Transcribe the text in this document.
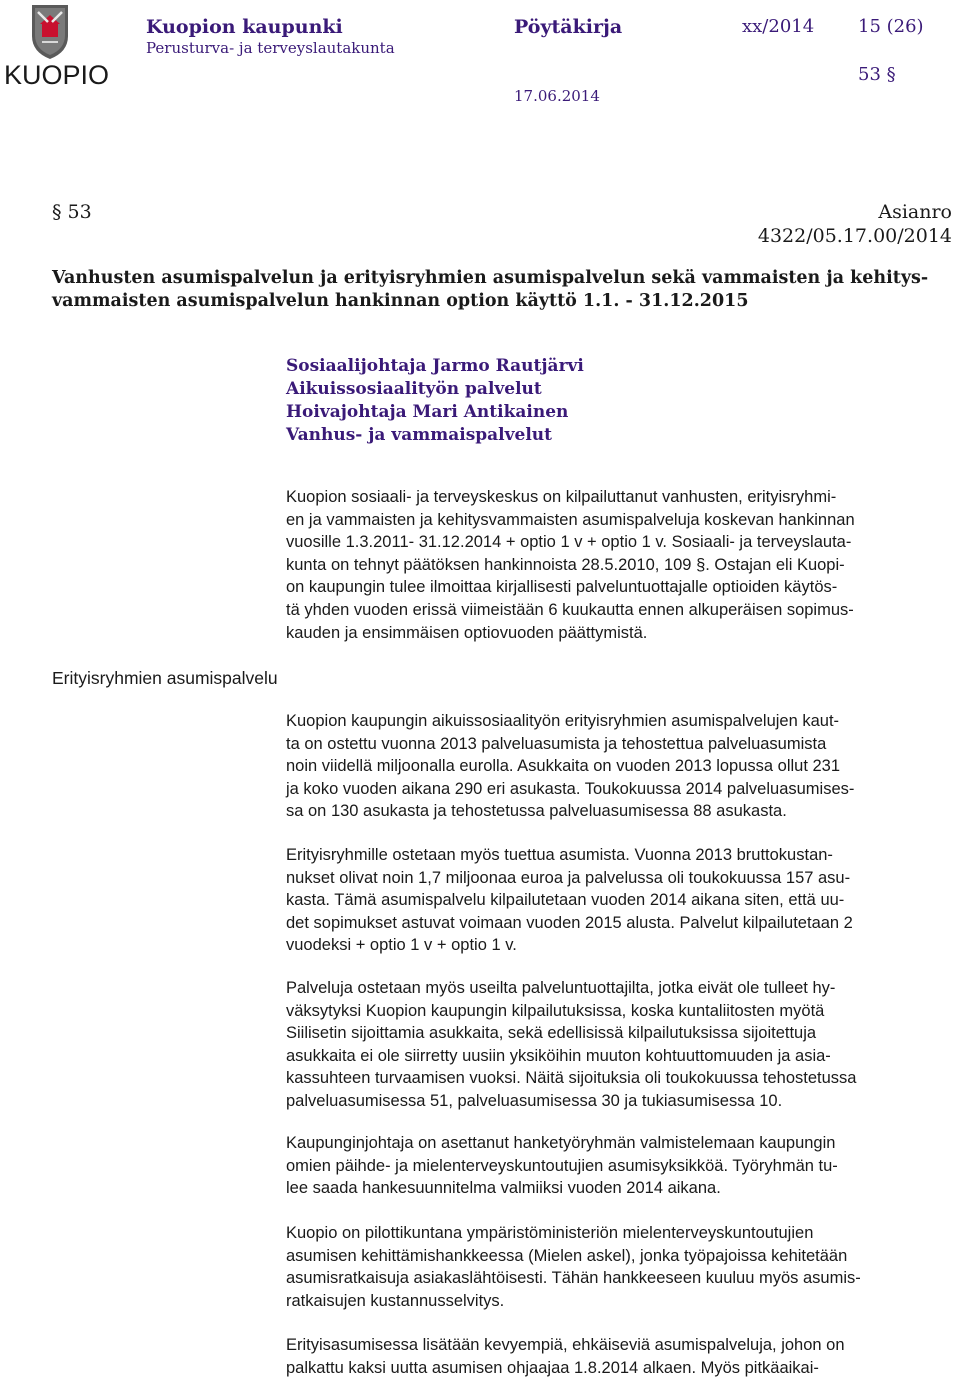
KUOPIO
Kuopion kaupunki
Perusturva- ja terveyslautakunta
Pöytäkirja	xx/2014 15 (26)
17.06.2014
53 §
§ 53	Asianro 4322/05.17.00/2014
Vanhusten asumispalvelun ja erityisryhmien asumispalvelun sekä vammaisten ja kehitys-
vammaisten asumispalvelun hankinnan option käyttö 1.1. - 31.12.2015
Sosiaalijohtaja Jarmo Rautjärvi
Aikuissosiaalityön palvelut
Hoivajohtaja Mari Antikainen
Vanhus- ja vammaispalvelut
Erityisryhmien asumispalvelu

Kuopion sosiaali- ja terveyskeskus on kilpailuttanut vanhusten, erityisryhmi-
en ja vammaisten ja kehitysvammaisten asumispalveluja koskevan hankinnan
vuosille 1.3.2011- 31.12.2014 + optio 1 v + optio 1 v. Sosiaali- ja terveyslauta-
kunta on tehnyt päätöksen hankinnoista 28.5.2010, 109 §. Ostajan eli Kuopi-
on kaupungin tulee ilmoittaa kirjallisesti palveluntuottajalle optioiden käytös-
tä yhden vuoden erissä viimeistään 6 kuukautta ennen alkuperäisen sopimus-
kauden ja ensimmäisen optiovuoden päättymistä.

Kuopion kaupungin aikuissosiaalityön erityisryhmien asumispalvelujen kaut-
ta on ostettu vuonna 2013 palveluasumista ja tehostettua palveluasumista
noin viidellä miljoonalla eurolla. Asukkaita on vuoden 2013 lopussa ollut 231
ja koko vuoden aikana 290 eri asukasta. Toukokuussa 2014 palveluasumises-
sa on 130 asukasta ja tehostetussa palveluasumisessa 88 asukasta.

Erityisryhmille ostetaan myös tuettua asumista. Vuonna 2013 bruttokustan-
nukset olivat noin 1,7 miljoonaa euroa ja palvelussa oli toukokuussa 157 asu-
kasta. Tämä asumispalvelu kilpailutetaan vuoden 2014 aikana siten, että uu-
det sopimukset astuvat voimaan vuoden 2015 alusta. Palvelut kilpailutetaan 2
vuodeksi + optio 1 v + optio 1 v.

Palveluja ostetaan myös useilta palveluntuottajilta, jotka eivät ole tulleet hy-
väksytyksi Kuopion kaupungin kilpailutuksissa, koska kuntaliitosten myötä
Siilisetin sijoittamia asukkaita, sekä edellisissä kilpailutuksissa sijoitettuja
asukkaita ei ole siirretty uusiin yksiköihin muuton kohtuuttomuuden ja asia-
kassuhteen turvaamisen vuoksi. Näitä sijoituksia oli toukokuussa tehostetussa
palveluasumisessa 51, palveluasumisessa 30 ja tukiasumisessa 10.

Kaupunginjohtaja on asettanut hanketyöryhmän valmistelemaan kaupungin
omien päihde- ja mielenterveyskuntoutujien asumisyksikköä. Työryhmän tu-
lee saada hankesuunnitelma valmiiksi vuoden 2014 aikana.

Kuopio on pilottikuntana ympäristöministeriön mielenterveyskuntoutujien
asumisen kehittämishankkeessa (Mielen askel), jonka työpajoissa kehitetään
asumisratkaisuja asiakaslähtöisesti. Tähän hankkeeseen kuuluu myös asumis-
ratkaisujen kustannusselvitys.

Erityisasumisessa lisätään kevyempiä, ehkäiseviä asumispalveluja, johon on
palkattu kaksi uutta asumisen ohjaajaa 1.8.2014 alkaen. Myös pitkäaikai-
